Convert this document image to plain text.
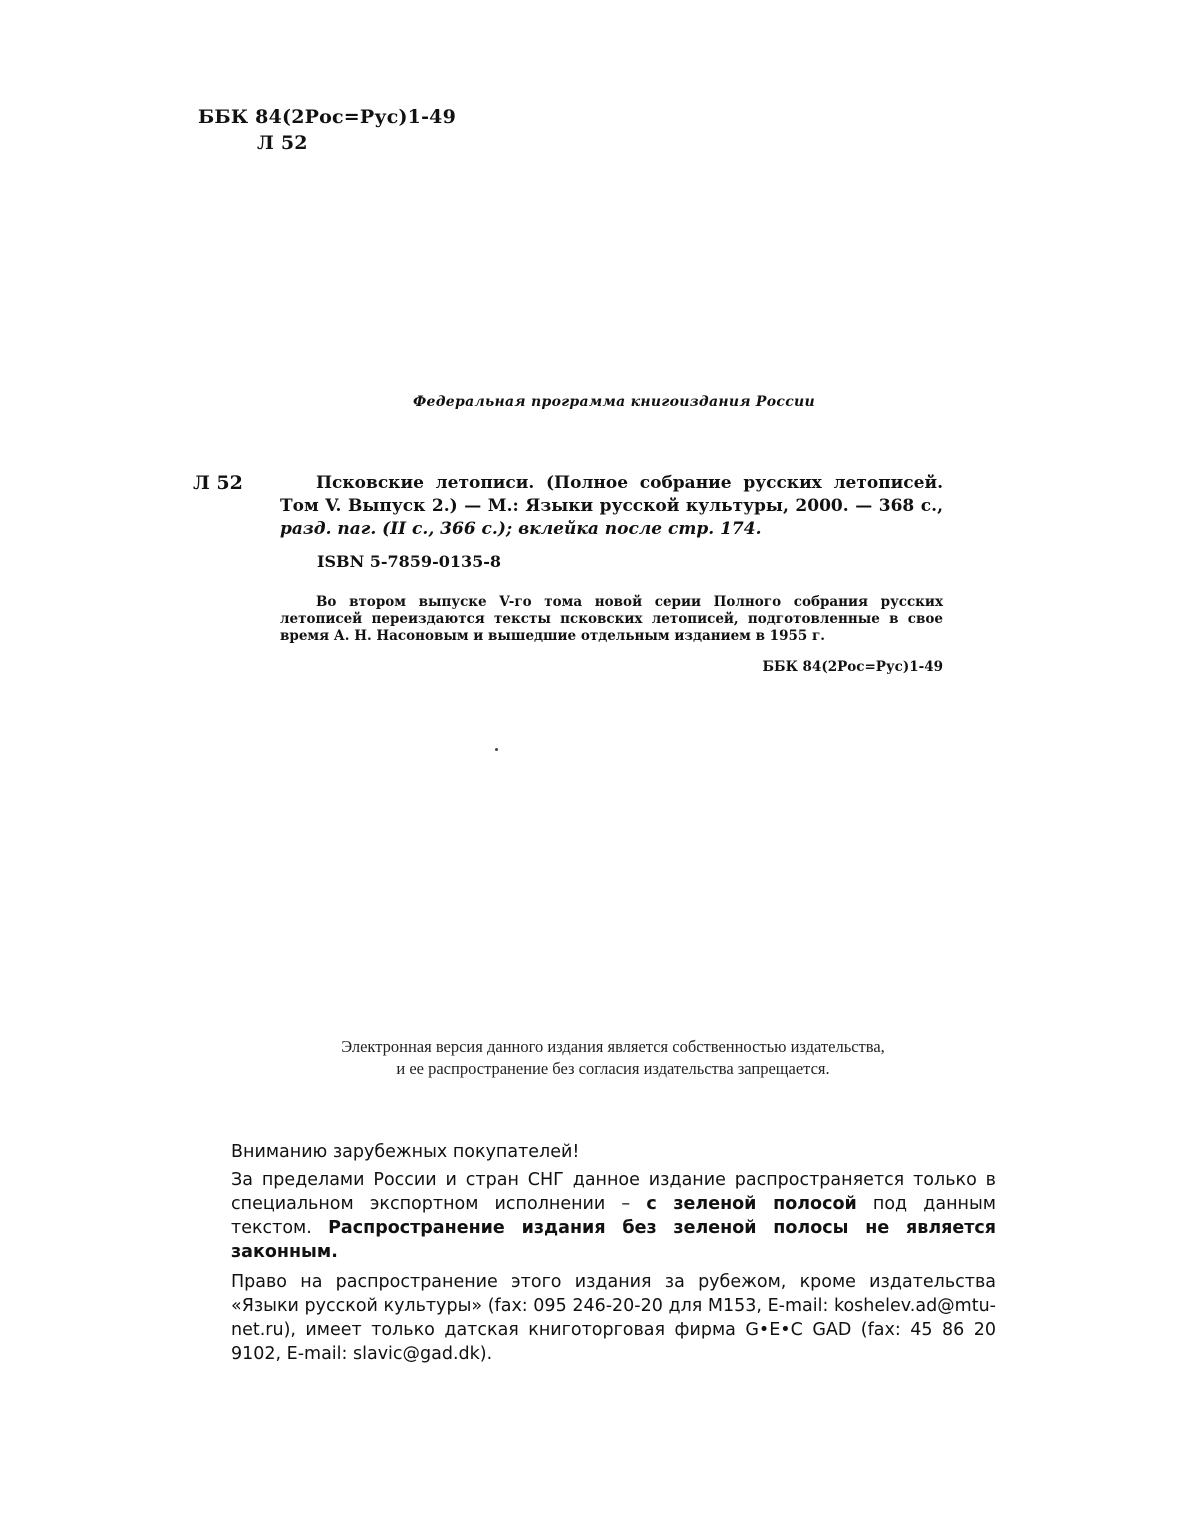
ББК 84(2Рос=Рус)1-49
Л 52
Федеральная программа книгоиздания России
Л 52	Псковские летописи. (Полное собрание русских летописей. Том V. Выпуск 2.) — М.: Языки русской культуры, 2000. — 368 с., разд. паг. (II с., 366 с.); вклейка после стр. 174.
ISBN 5-7859-0135-8
Во втором выпуске V-го тома новой серии Полного собрания русских летописей переиздаются тексты псковских летописей, подготовленные в свое время А. Н. Насоновым и вышедшие отдельным изданием в 1955 г.
ББК 84(2Рос=Рус)1-49

Вниманию зарубежных покупателей!

За пределами России и стран СНГ данное издание распространяется только в специальном экспортном исполнении – с зеленой полосой под данным текстом. Распространение издания без зеленой полосы не является законным.

Право на распространение этого издания за рубежом, кроме издательства «Языки русской культуры» (fax: 095 246-20-20 для М153, E-mail: koshelev.ad@mtu-net.ru), имеет только датская книготорговая фирма G•E•C GAD (fax: 45 86 20 9102, E-mail: slavic@gad.dk).

Электронная версия данного издания является собственностью издательства,
и ее распространение без согласия издательства запрещается.
